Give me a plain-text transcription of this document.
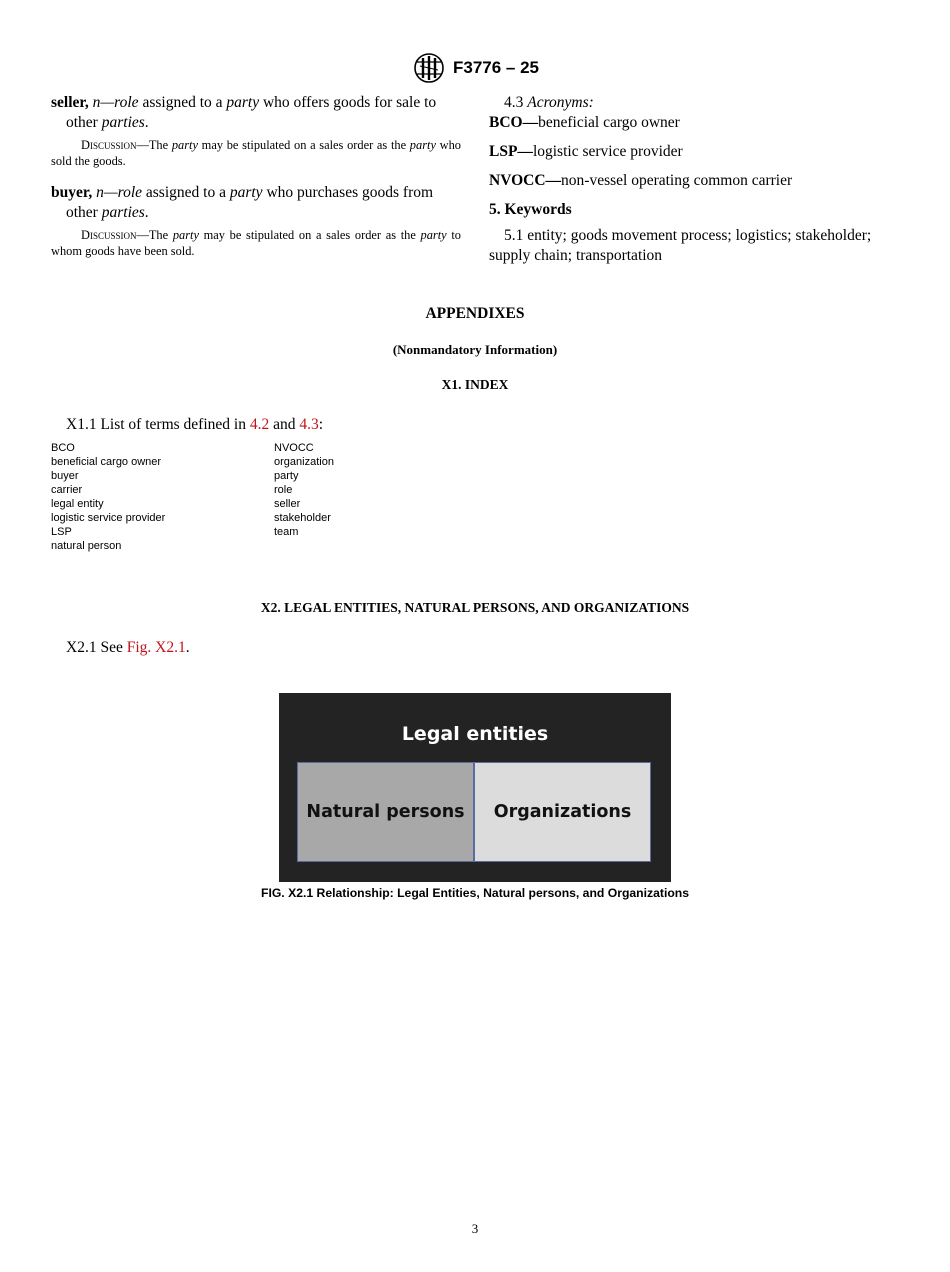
F3776 – 25

seller, n—role assigned to a party who offers goods for sale to other parties.

Discussion—The party may be stipulated on a sales order as the party who sold the goods.

buyer, n—role assigned to a party who purchases goods from other parties.

Discussion—The party may be stipulated on a sales order as the party to whom goods have been sold.

4.3 Acronyms:

BCO—beneficial cargo owner

LSP—logistic service provider

NVOCC—non-vessel operating common carrier

5. Keywords

5.1 entity; goods movement process; logistics; stakeholder; supply chain; transportation

APPENDIXES
(Nonmandatory Information)
X1. INDEX
X1.1 List of terms defined in 4.2 and 4.3:
BCO
beneficial cargo owner
buyer
carrier
legal entity
logistic service provider
LSP
natural person
NVOCC
organization
party
role
seller
stakeholder
team
X2. LEGAL ENTITIES, NATURAL PERSONS, AND ORGANIZATIONS
X2.1 See Fig. X2.1.
Legal entities
Natural persons	Organizations
FIG. X2.1 Relationship: Legal Entities, Natural persons, and Organizations
3
